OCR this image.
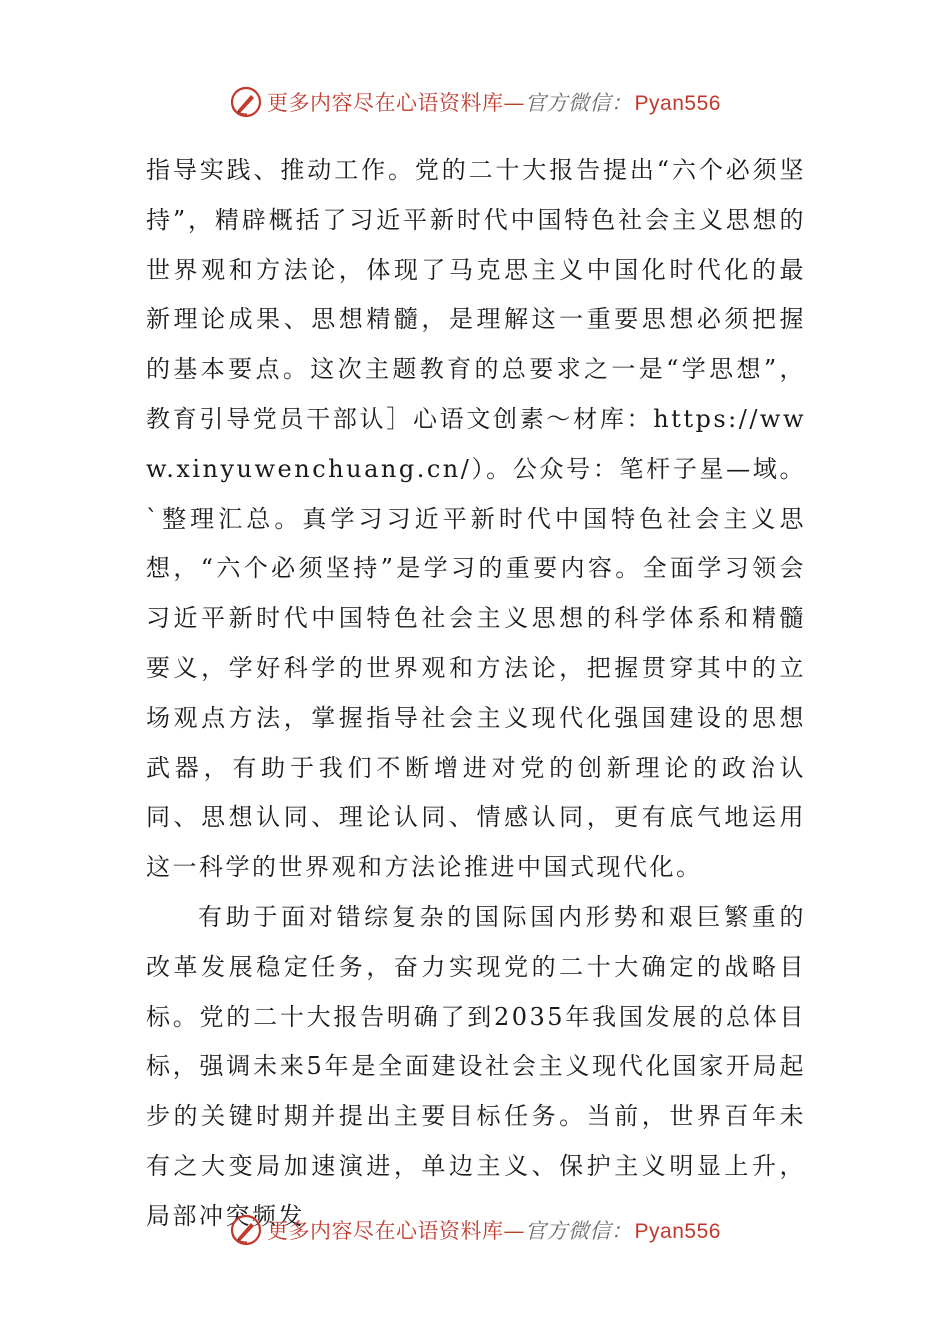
更多内容尽在心语资料库 — 官方微信： Pyan556

指导实践、推动工作。党的二十大报告提出“六个必须坚持”，精辟概括了习近平新时代中国特色社会主义思想的世界观和方法论，体现了马克思主义中国化时代化的最新理论成果、思想精髓，是理解这一重要思想必须把握的基本要点。这次主题教育的总要求之一是“学思想”，教育引导党员干部认］心语文创素～材库：https://www.xinyuwenchuang.cn/）。公众号：笔杆子星—域。`整理汇总。真学习习近平新时代中国特色社会主义思想，“六个必须坚持”是学习的重要内容。全面学习领会习近平新时代中国特色社会主义思想的科学体系和精髓要义，学好科学的世界观和方法论，把握贯穿其中的立场观点方法，掌握指导社会主义现代化强国建设的思想武器，有助于我们不断增进对党的创新理论的政治认同、思想认同、理论认同、情感认同，更有底气地运用这一科学的世界观和方法论推进中国式现代化。

有助于面对错综复杂的国际国内形势和艰巨繁重的改革发展稳定任务，奋力实现党的二十大确定的战略目标。党的二十大报告明确了到2035年我国发展的总体目标，强调未来5年是全面建设社会主义现代化国家开局起步的关键时期并提出主要目标任务。当前，世界百年未有之大变局加速演进，单边主义、保护主义明显上升，局部冲突频发

更多内容尽在心语资料库 — 官方微信： Pyan556
